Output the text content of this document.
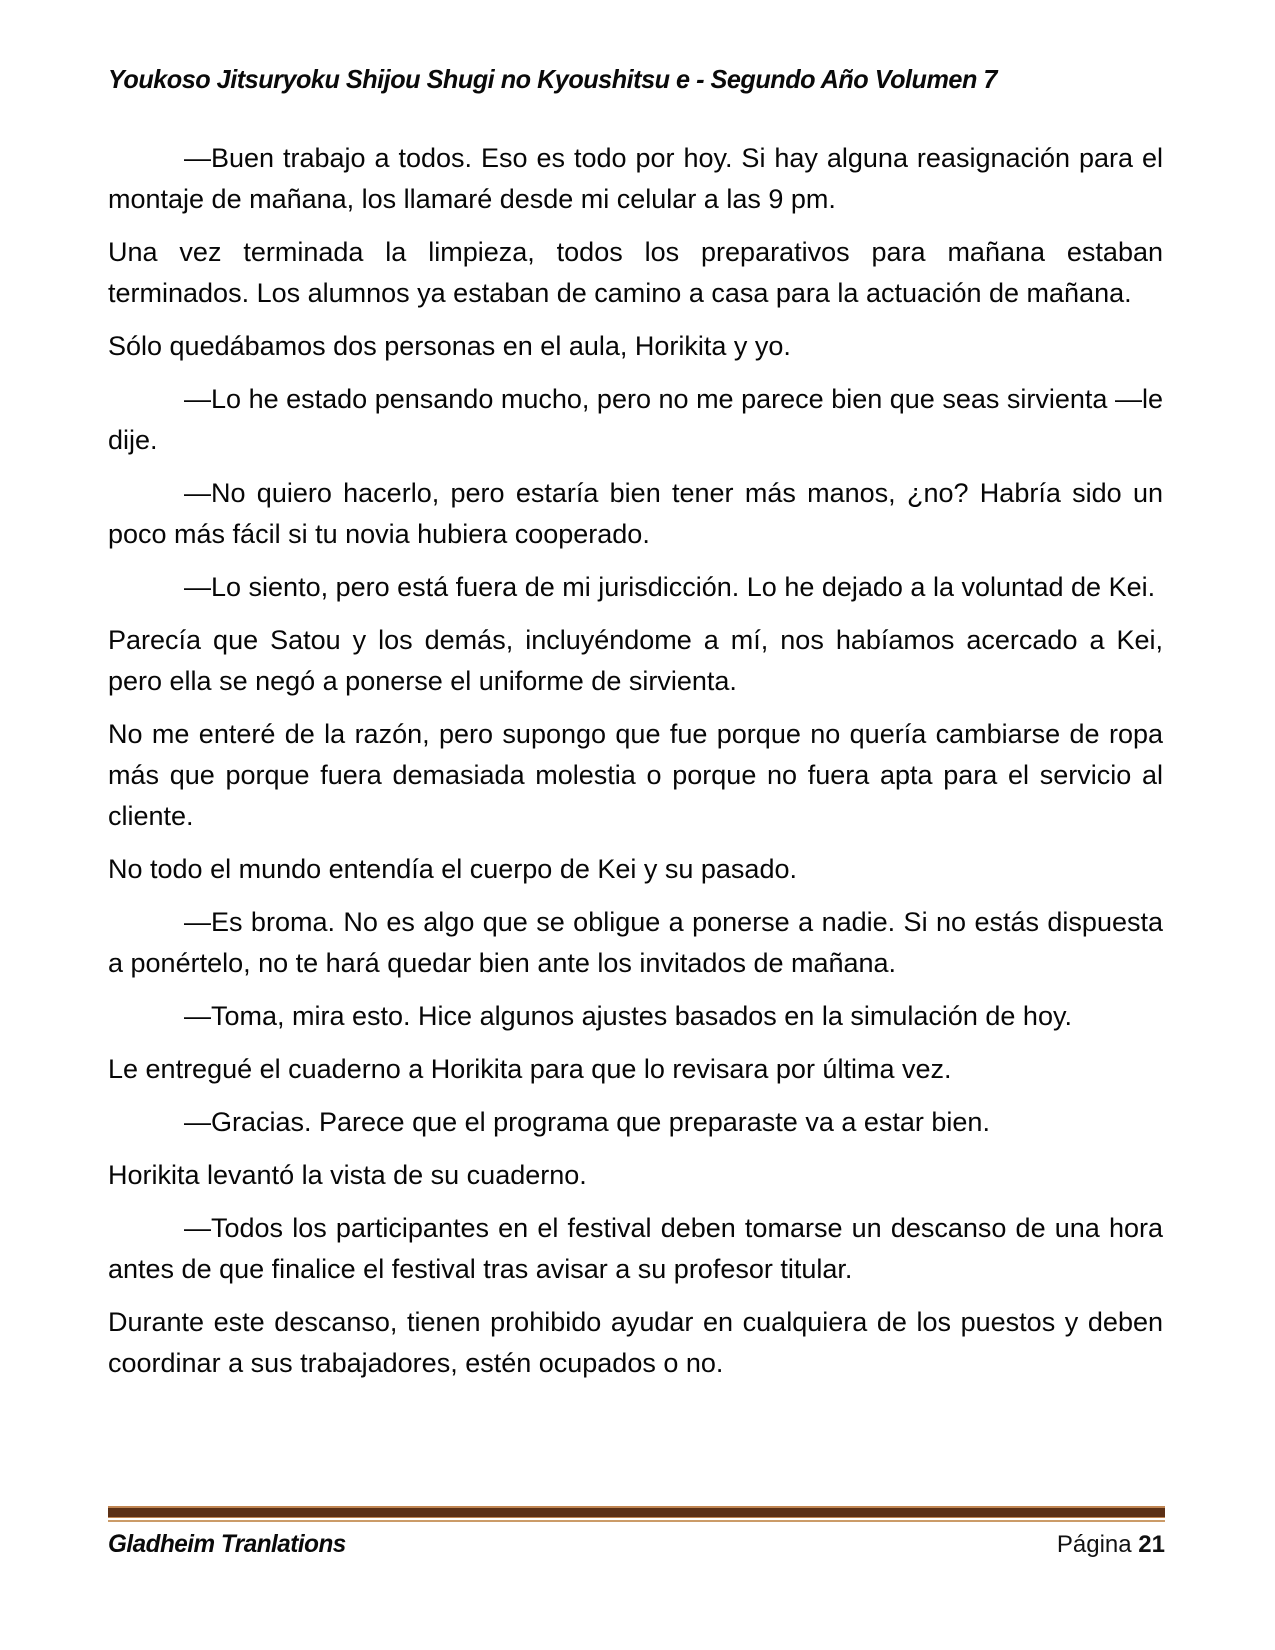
Youkoso Jitsuryoku Shijou Shugi no Kyoushitsu e - Segundo Año Volumen 7

—Buen trabajo a todos. Eso es todo por hoy. Si hay alguna reasignación para el montaje de mañana, los llamaré desde mi celular a las 9 pm.

Una vez terminada la limpieza, todos los preparativos para mañana estaban terminados. Los alumnos ya estaban de camino a casa para la actuación de mañana.

Sólo quedábamos dos personas en el aula, Horikita y yo.

—Lo he estado pensando mucho, pero no me parece bien que seas sirvienta —le dije.

—No quiero hacerlo, pero estaría bien tener más manos, ¿no? Habría sido un poco más fácil si tu novia hubiera cooperado.

—Lo siento, pero está fuera de mi jurisdicción. Lo he dejado a la voluntad de Kei.

Parecía que Satou y los demás, incluyéndome a mí, nos habíamos acercado a Kei, pero ella se negó a ponerse el uniforme de sirvienta.

No me enteré de la razón, pero supongo que fue porque no quería cambiarse de ropa más que porque fuera demasiada molestia o porque no fuera apta para el servicio al cliente.

No todo el mundo entendía el cuerpo de Kei y su pasado.

—Es broma. No es algo que se obligue a ponerse a nadie. Si no estás dispuesta a ponértelo, no te hará quedar bien ante los invitados de mañana.

—Toma, mira esto. Hice algunos ajustes basados en la simulación de hoy.

Le entregué el cuaderno a Horikita para que lo revisara por última vez.

—Gracias. Parece que el programa que preparaste va a estar bien.

Horikita levantó la vista de su cuaderno.

—Todos los participantes en el festival deben tomarse un descanso de una hora antes de que finalice el festival tras avisar a su profesor titular.

Durante este descanso, tienen prohibido ayudar en cualquiera de los puestos y deben coordinar a sus trabajadores, estén ocupados o no.

Gladheim Tranlations	Página 21
